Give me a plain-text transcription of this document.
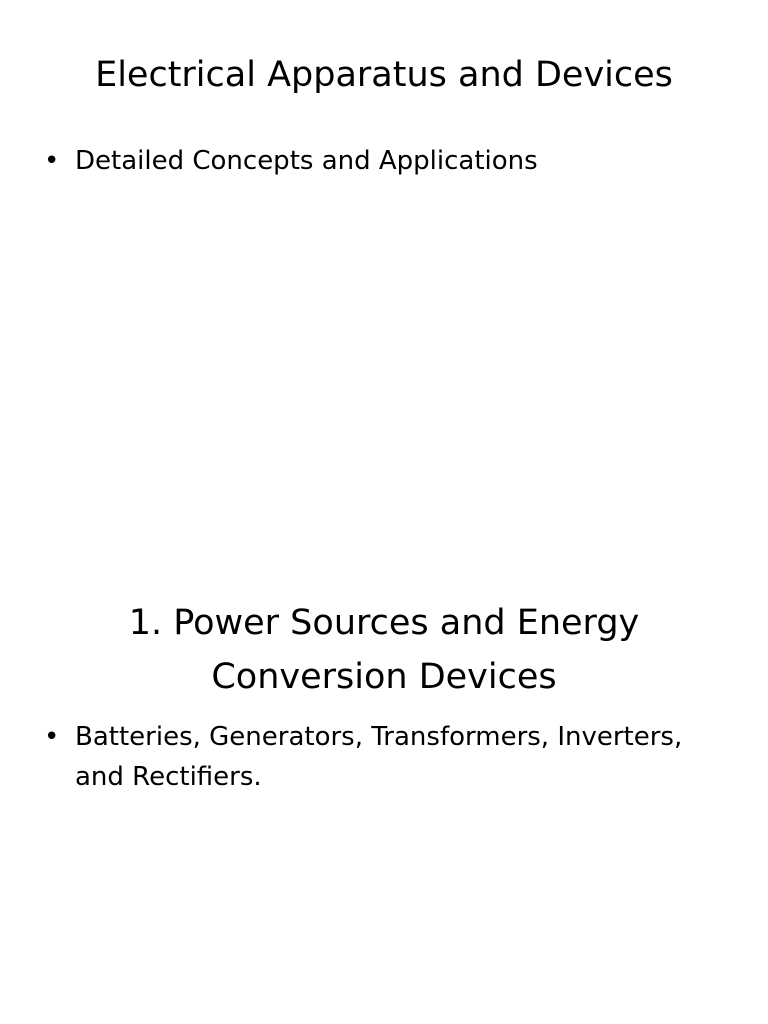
Electrical Apparatus and Devices
• Detailed Concepts and Applications
1. Power Sources and Energy Conversion Devices
• Batteries, Generators, Transformers, Inverters, and Rectifiers.
